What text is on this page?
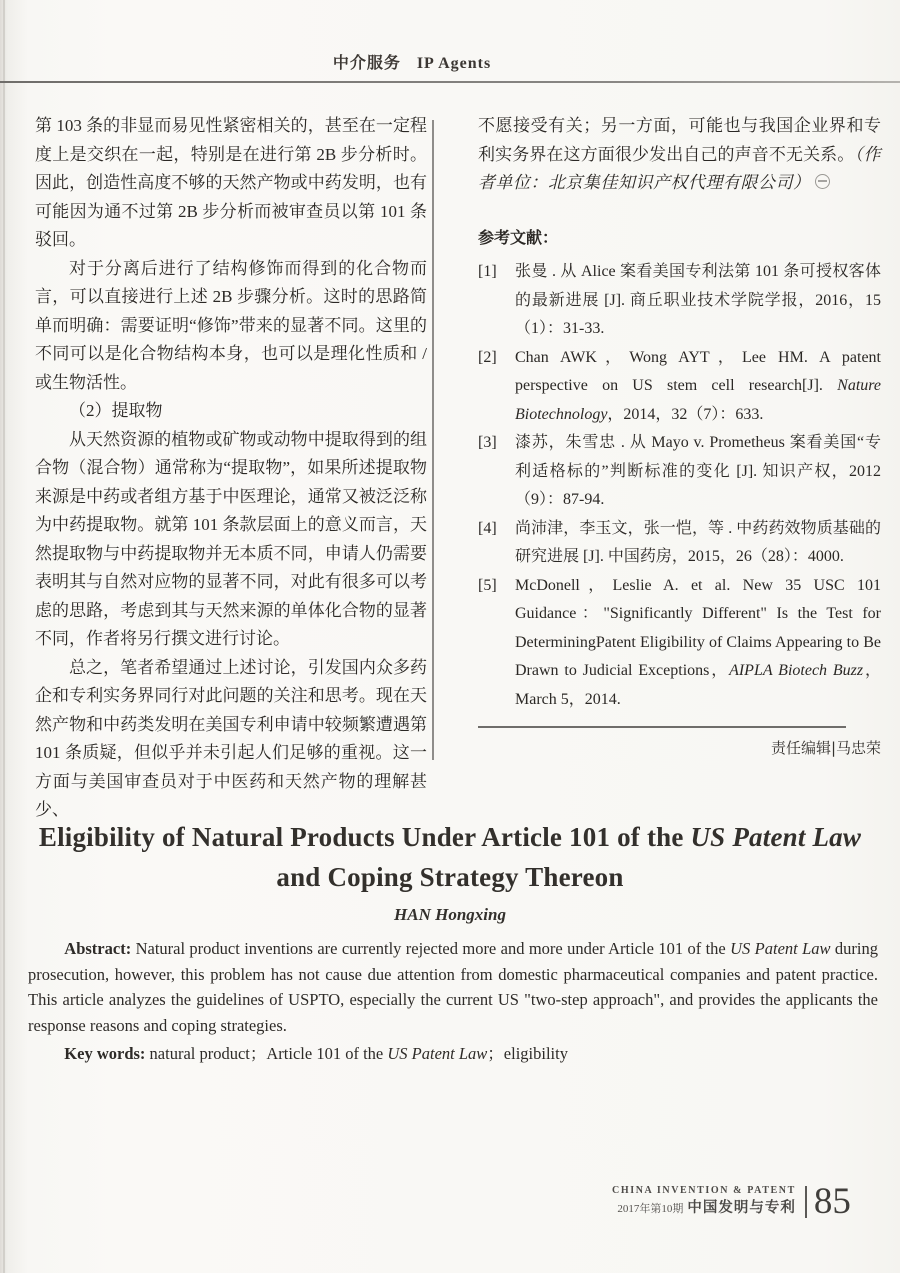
中介服务 IP Agents

第 103 条的非显而易见性紧密相关的，甚至在一定程度上是交织在一起，特别是在进行第 2B 步分析时。因此，创造性高度不够的天然产物或中药发明，也有可能因为通不过第 2B 步分析而被审查员以第 101 条驳回。

对于分离后进行了结构修饰而得到的化合物而言，可以直接进行上述 2B 步骤分析。这时的思路简单而明确：需要证明“修饰”带来的显著不同。这里的不同可以是化合物结构本身，也可以是理化性质和 / 或生物活性。

（2）提取物

从天然资源的植物或矿物或动物中提取得到的组合物（混合物）通常称为“提取物”，如果所述提取物来源是中药或者组方基于中医理论，通常又被泛泛称为中药提取物。就第 101 条款层面上的意义而言，天然提取物与中药提取物并无本质不同，申请人仍需要表明其与自然对应物的显著不同，对此有很多可以考虑的思路，考虑到其与天然来源的单体化合物的显著不同，作者将另行撰文进行讨论。

总之，笔者希望通过上述讨论，引发国内众多药企和专利实务界同行对此问题的关注和思考。现在天然产物和中药类发明在美国专利申请中较频繁遭遇第 101 条质疑，但似乎并未引起人们足够的重视。这一方面与美国审查员对于中医药和天然产物的理解甚少、

不愿接受有关；另一方面，可能也与我国企业界和专利实务界在这方面很少发出自己的声音不无关系。（作者单位：北京集佳知识产权代理有限公司）

参考文献：

[1]	张曼 . 从 Alice 案看美国专利法第 101 条可授权客体的最新进展 [J]. 商丘职业技术学院学报，2016，15（1）：31-33.
[2]	Chan AWK，Wong AYT，Lee HM. A patent perspective on US stem cell research[J]. Nature Biotechnology，2014，32（7）：633.
[3]	漆苏，朱雪忠 . 从 Mayo v. Prometheus 案看美国“专利适格标的”判断标准的变化 [J]. 知识产权，2012（9）：87-94.
[4]	尚沛津，李玉文，张一恺，等 . 中药药效物质基础的研究进展 [J]. 中国药房，2015，26（28）：4000.
[5]	McDonell，Leslie A. et al. New 35 USC 101 Guidance："Significantly Different" Is the Test for DeterminingPatent Eligibility of Claims Appearing to Be Drawn to Judicial Exceptions，AIPLA Biotech Buzz，March 5，2014.

责任编辑|马忠荣

Eligibility of Natural Products Under Article 101 of the US Patent Law
and Coping Strategy Thereon
HAN Hongxing

Abstract: Natural product inventions are currently rejected more and more under Article 101 of the US Patent Law during prosecution, however, this problem has not cause due attention from domestic pharmaceutical companies and patent practice. This article analyzes the guidelines of USPTO, especially the current US "two-step approach", and provides the applicants the response reasons and coping strategies.

Key words: natural product；Article 101 of the US Patent Law；eligibility

CHINA INVENTION & PATENT
2017年第10期 中国发明与专利 85
